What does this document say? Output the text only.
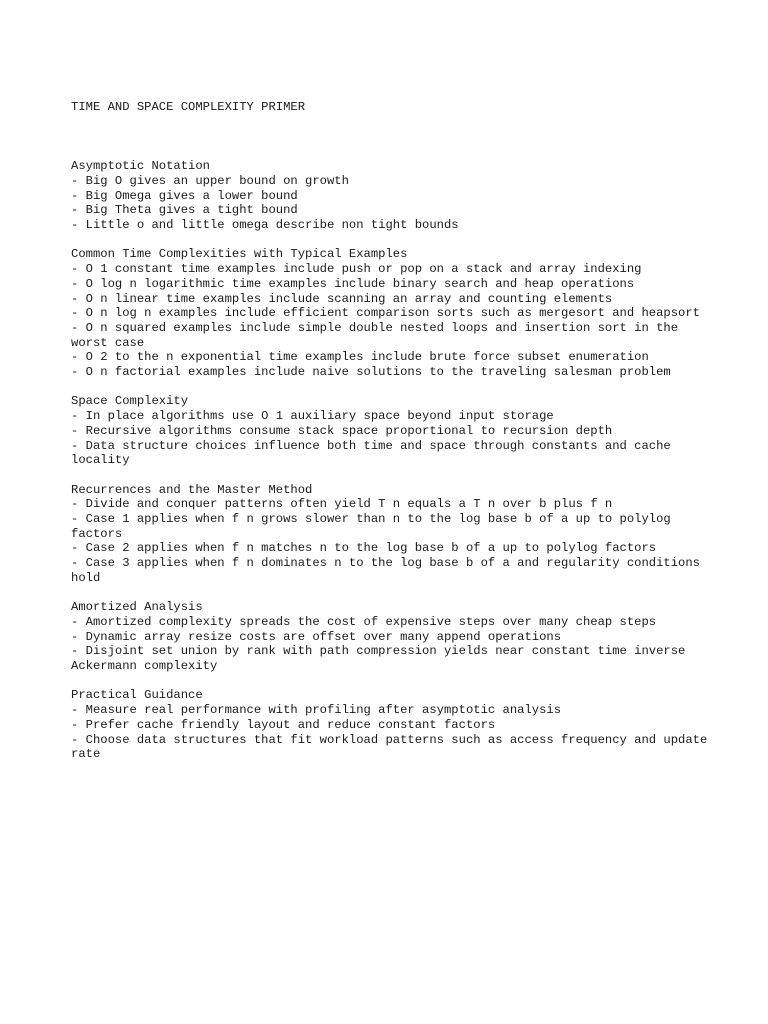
TIME AND SPACE COMPLEXITY PRIMER

Asymptotic Notation
- Big O gives an upper bound on growth
- Big Omega gives a lower bound
- Big Theta gives a tight bound
- Little o and little omega describe non tight bounds
Common Time Complexities with Typical Examples
- O 1 constant time examples include push or pop on a stack and array indexing
- O log n logarithmic time examples include binary search and heap operations
- O n linear time examples include scanning an array and counting elements
- O n log n examples include efficient comparison sorts such as mergesort and heapsort
- O n squared examples include simple double nested loops and insertion sort in the worst case
- O 2 to the n exponential time examples include brute force subset enumeration
- O n factorial examples include naive solutions to the traveling salesman problem
Space Complexity
- In place algorithms use O 1 auxiliary space beyond input storage
- Recursive algorithms consume stack space proportional to recursion depth
- Data structure choices influence both time and space through constants and cache locality
Recurrences and the Master Method
- Divide and conquer patterns often yield T n equals a T n over b plus f n
- Case 1 applies when f n grows slower than n to the log base b of a up to polylog factors
- Case 2 applies when f n matches n to the log base b of a up to polylog factors
- Case 3 applies when f n dominates n to the log base b of a and regularity conditions hold
Amortized Analysis
- Amortized complexity spreads the cost of expensive steps over many cheap steps
- Dynamic array resize costs are offset over many append operations
- Disjoint set union by rank with path compression yields near constant time inverse Ackermann complexity
Practical Guidance
- Measure real performance with profiling after asymptotic analysis
- Prefer cache friendly layout and reduce constant factors
- Choose data structures that fit workload patterns such as access frequency and update rate
